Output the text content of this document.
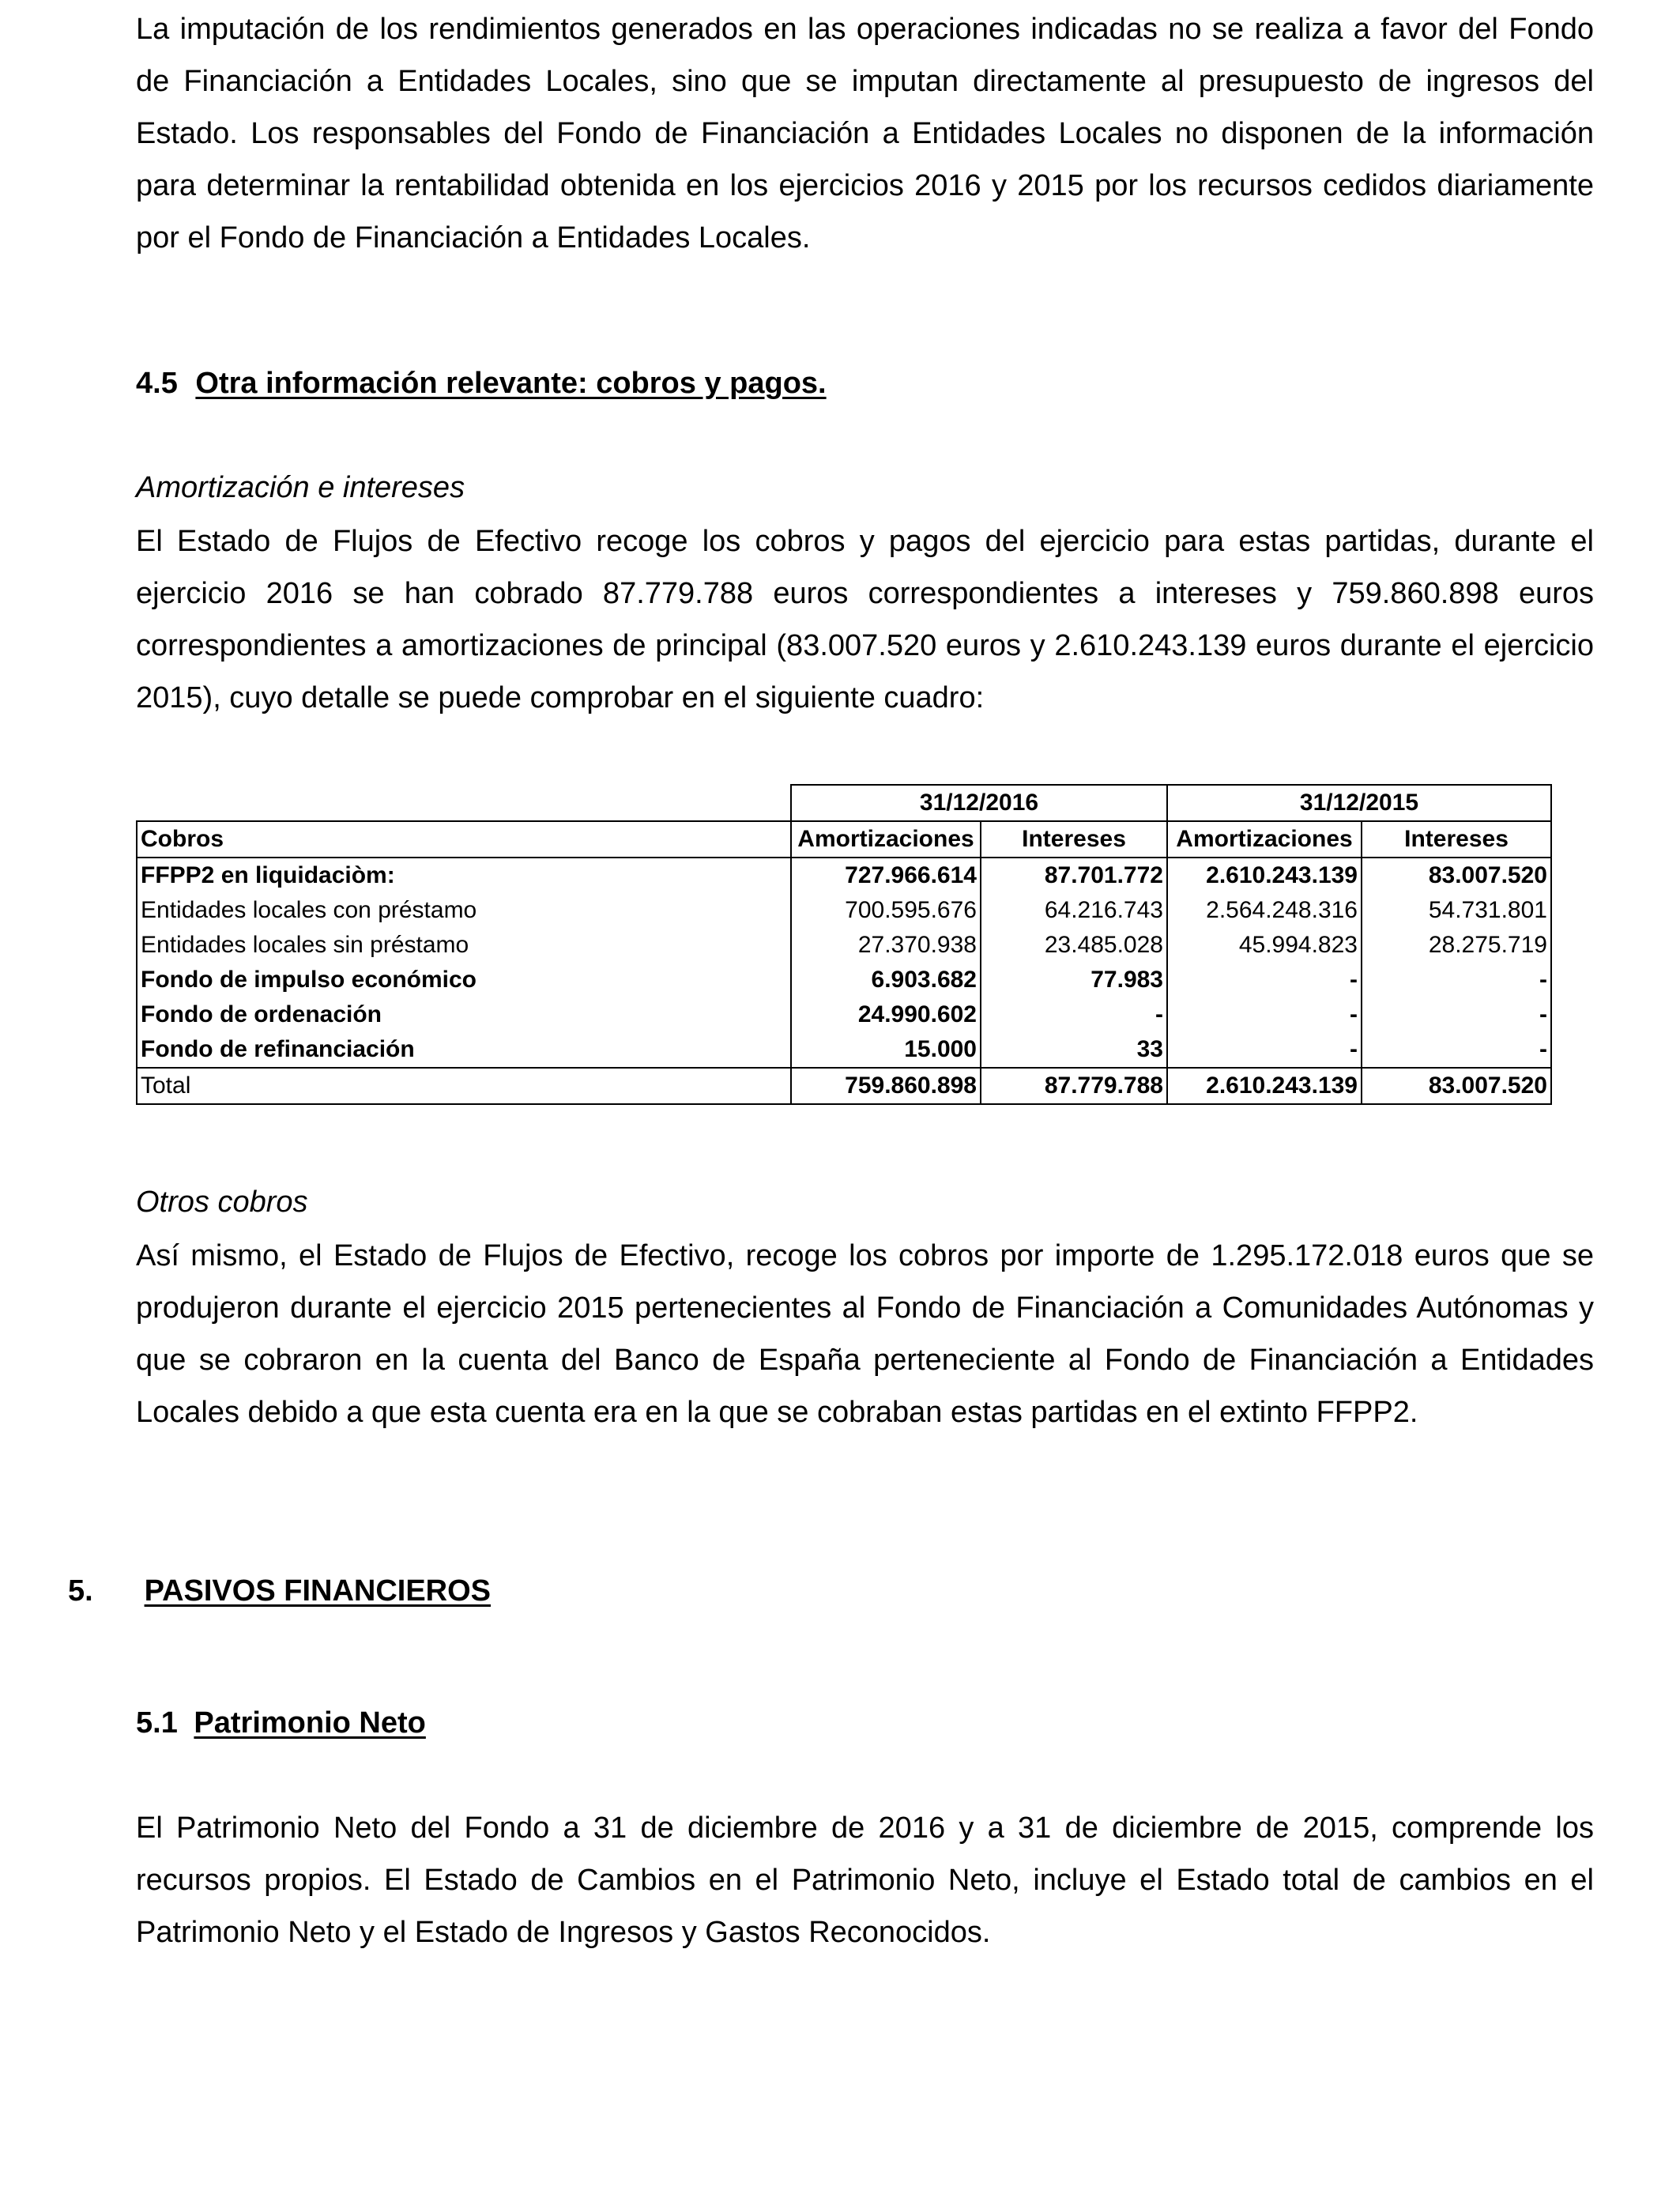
La imputación de los rendimientos generados en las operaciones indicadas no se realiza a favor del Fondo de Financiación a Entidades Locales, sino que se imputan directamente al presupuesto de ingresos del Estado. Los responsables del Fondo de Financiación a Entidades Locales no disponen de la información para determinar la rentabilidad obtenida en los ejercicios 2016 y 2015 por los recursos cedidos diariamente por el Fondo de Financiación a Entidades Locales.

4.5 Otra información relevante: cobros y pagos.
Amortización e intereses

El Estado de Flujos de Efectivo recoge los cobros y pagos del ejercicio para estas partidas, durante el ejercicio 2016 se han cobrado 87.779.788 euros correspondientes a intereses y 759.860.898 euros correspondientes a amortizaciones de principal (83.007.520 euros y 2.610.243.139 euros durante el ejercicio 2015), cuyo detalle se puede comprobar en el siguiente cuadro:

	31/12/2016		31/12/2015	
Cobros	Amortizaciones	Intereses	Amortizaciones	Intereses
FFPP2 en liquidaciòm:	727.966.614	87.701.772	2.610.243.139	83.007.520
Entidades locales con préstamo	700.595.676	64.216.743	2.564.248.316	54.731.801
Entidades locales sin préstamo	27.370.938	23.485.028	45.994.823	28.275.719
Fondo de impulso económico	6.903.682	77.983	-	-
Fondo de ordenación	24.990.602	-	-	-
Fondo de refinanciación	15.000	33	-	-
Total	759.860.898	87.779.788	2.610.243.139	83.007.520
Otros cobros

Así mismo, el Estado de Flujos de Efectivo, recoge los cobros por importe de 1.295.172.018 euros que se produjeron durante el ejercicio 2015 pertenecientes al Fondo de Financiación a Comunidades Autónomas y que se cobraron en la cuenta del Banco de España perteneciente al Fondo de Financiación a Entidades Locales debido a que esta cuenta era en la que se cobraban estas partidas en el extinto FFPP2.

5. PASIVOS FINANCIEROS
5.1 Patrimonio Neto

El Patrimonio Neto del Fondo a 31 de diciembre de 2016 y a 31 de diciembre de 2015, comprende los recursos propios. El Estado de Cambios en el Patrimonio Neto, incluye el Estado total de cambios en el Patrimonio Neto y el Estado de Ingresos y Gastos Reconocidos.
